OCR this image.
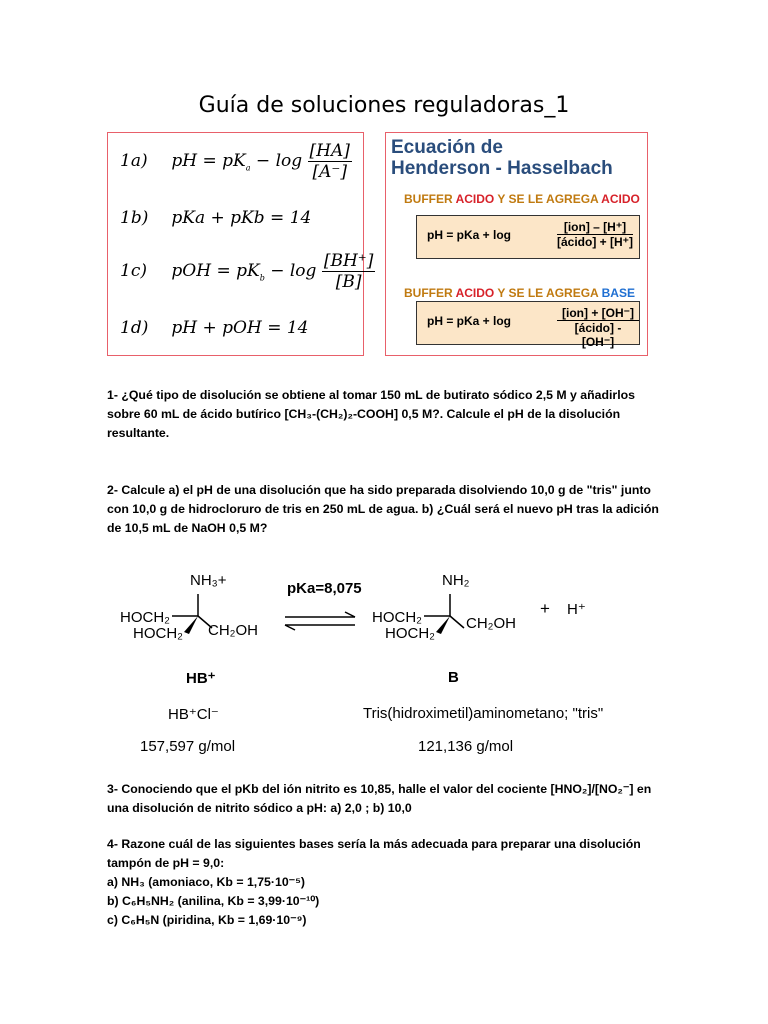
Guía de soluciones reguladoras_1
1a) pH = $pK_a - \log \frac{[HA]}{[A^-]}$
1b) pKa + pKb = 14
1c) pOH = $pK_b - \log \frac{[BH^+]}{[B]}$
1d) pH + pOH = 14
Ecuación de
Henderson - Hasselbach
BUFFER ACIDO Y SE LE AGREGA ACIDO
pH = pKa + log
[ion] – [H⁺]
[ácido] + [H⁺]
BUFFER ACIDO Y SE LE AGREGA BASE
pH = pKa + log
[ion] + [OH⁻]
[ácido] - [OH⁻]
1- ¿Qué tipo de disolución se obtiene al tomar 150 mL de butirato sódico 2,5 M y añadirlos sobre 60 mL de ácido butírico [CH₃-(CH₂)₂-COOH] 0,5 M?. Calcule el pH de la disolución resultante.
2- Calcule a) el pH de una disolución que ha sido preparada disolviendo 10,0 g de "tris" junto con 10,0 g de hidrocloruro de tris en 250 mL de agua. b) ¿Cuál será el nuevo pH tras la adición de 10,5 mL de NaOH 0,5 M?
NH₃+
HOCH₂
HOCH₂ CH₂OH
pKa=8,075	NH₂
HOCH₂
HOCH₂
CH₂OH
+ H⁺
HB⁺	B
HB⁺Cl⁻	Tris(hidroximetil)aminometano; "tris"
157,597 g/mol	121,136 g/mol
3- Conociendo que el pKb del ión nitrito es 10,85, halle el valor del cociente [HNO₂]/[NO₂⁻] en una disolución de nitrito sódico a pH: a) 2,0 ; b) 10,0
4- Razone cuál de las siguientes bases sería la más adecuada para preparar una disolución tampón de pH = 9,0:
a) NH₃ (amoniaco, Kb = 1,75·10⁻⁵)
b) C₆H₅NH₂ (anilina, Kb = 3,99·10⁻¹⁰)
c) C₆H₅N (piridina, Kb = 1,69·10⁻⁹)
